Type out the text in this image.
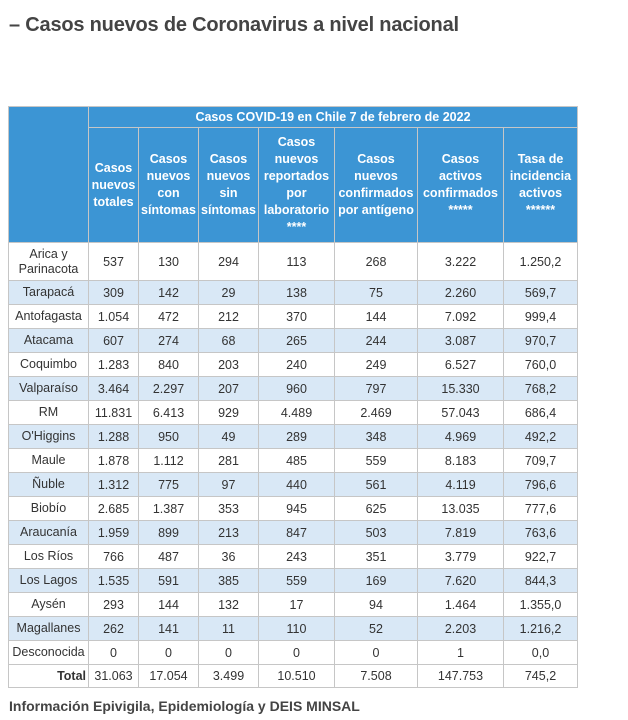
– Casos nuevos de Coronavirus a nivel nacional
	Casos COVID-19 en Chile 7 de febrero de 2022						
	Casos nuevos totales	Casos nuevos con síntomas	Casos nuevos sin síntomas	Casos nuevos reportados por laboratorio ****	Casos nuevos confirmados por antígeno	Casos activos confirmados *****	Tasa de incidencia activos ******
Arica y Parinacota	537	130	294	113	268	3.222	1.250,2
Tarapacá	309	142	29	138	75	2.260	569,7
Antofagasta	1.054	472	212	370	144	7.092	999,4
Atacama	607	274	68	265	244	3.087	970,7
Coquimbo	1.283	840	203	240	249	6.527	760,0
Valparaíso	3.464	2.297	207	960	797	15.330	768,2
RM	11.831	6.413	929	4.489	2.469	57.043	686,4
O'Higgins	1.288	950	49	289	348	4.969	492,2
Maule	1.878	1.112	281	485	559	8.183	709,7
Ñuble	1.312	775	97	440	561	4.119	796,6
Biobío	2.685	1.387	353	945	625	13.035	777,6
Araucanía	1.959	899	213	847	503	7.819	763,6
Los Ríos	766	487	36	243	351	3.779	922,7
Los Lagos	1.535	591	385	559	169	7.620	844,3
Aysén	293	144	132	17	94	1.464	1.355,0
Magallanes	262	141	11	110	52	2.203	1.216,2
Desconocida	0	0	0	0	0	1	0,0
Total	31.063	17.054	3.499	10.510	7.508	147.753	745,2

Información Epivigila, Epidemiología y DEIS MINSAL
